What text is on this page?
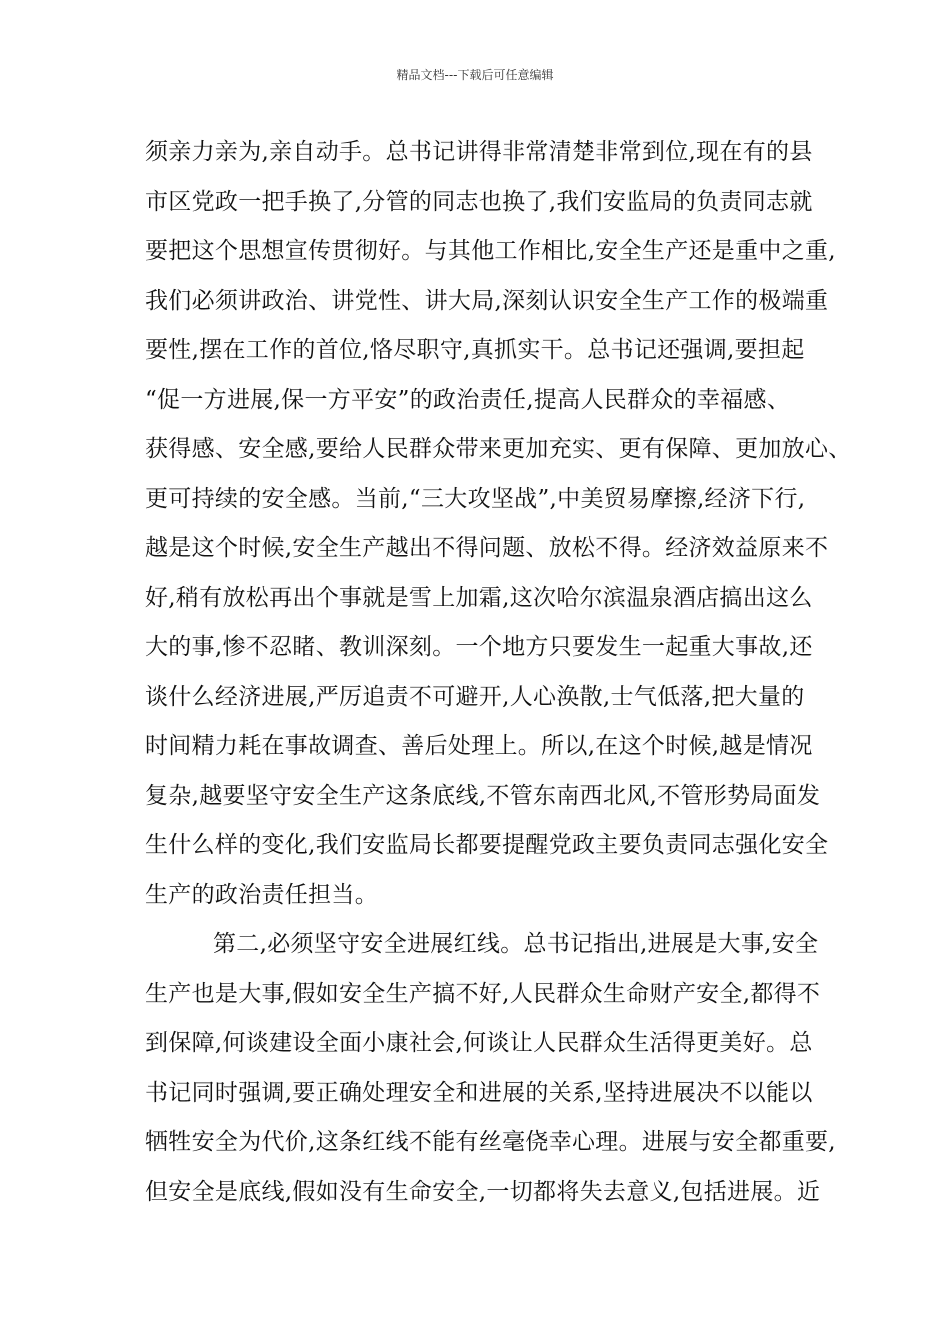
精品文档---下载后可任意编辑
须亲力亲为,亲自动手。总书记讲得非常清楚非常到位,现在有的县
市区党政一把手换了,分管的同志也换了,我们安监局的负责同志就
要把这个思想宣传贯彻好。与其他工作相比,安全生产还是重中之重,
我们必须讲政治、讲党性、讲大局,深刻认识安全生产工作的极端重
要性,摆在工作的首位,恪尽职守,真抓实干。总书记还强调,要担起
“促一方进展,保一方平安”的政治责任,提高人民群众的幸福感、
获得感、安全感,要给人民群众带来更加充实、更有保障、更加放心、
更可持续的安全感。当前,“三大攻坚战”,中美贸易摩擦,经济下行,
越是这个时候,安全生产越出不得问题、放松不得。经济效益原来不
好,稍有放松再出个事就是雪上加霜,这次哈尔滨温泉酒店搞出这么
大的事,惨不忍睹、教训深刻。一个地方只要发生一起重大事故,还
谈什么经济进展,严厉追责不可避开,人心涣散,士气低落,把大量的
时间精力耗在事故调查、善后处理上。所以,在这个时候,越是情况
复杂,越要坚守安全生产这条底线,不管东南西北风,不管形势局面发
生什么样的变化,我们安监局长都要提醒党政主要负责同志强化安全
生产的政治责任担当。
第二,必须坚守安全进展红线。总书记指出,进展是大事,安全
生产也是大事,假如安全生产搞不好,人民群众生命财产安全,都得不
到保障,何谈建设全面小康社会,何谈让人民群众生活得更美好。总
书记同时强调,要正确处理安全和进展的关系,坚持进展决不以能以
牺牲安全为代价,这条红线不能有丝毫侥幸心理。进展与安全都重要,
但安全是底线,假如没有生命安全,一切都将失去意义,包括进展。近
